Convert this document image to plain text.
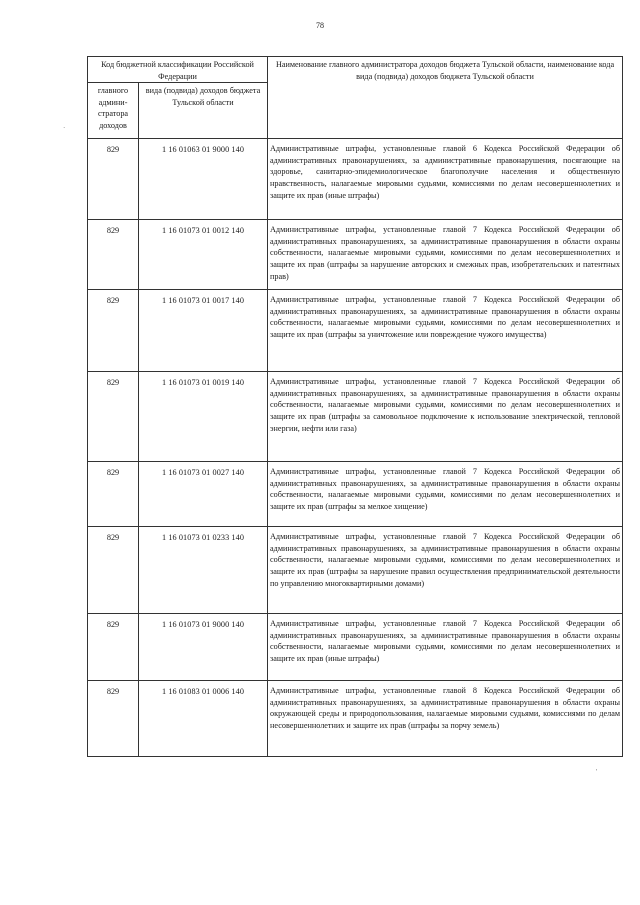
78
·
'
Код бюджетной классификации Российской Федерации		Наименование главного администратора доходов бюджета Тульской области, наименование кода вида (подвида) доходов бюджета Тульской области
главного админи-стратора доходов	вида (подвида) доходов бюджета Тульской области	
829	1 16 01063 01 9000 140	Административные штрафы, установленные главой 6 Кодекса Российской Федерации об административных правонарушениях, за административные правонарушения, посягающие на здоровье, санитарно-эпидемиологическое благополучие населения и общественную нравственность, налагаемые мировыми судьями, комиссиями по делам несовершеннолетних и защите их прав (иные штрафы)
829	1 16 01073 01 0012 140	Административные штрафы, установленные главой 7 Кодекса Российской Федерации об административных правонарушениях, за административные правонарушения в области охраны собственности, налагаемые мировыми судьями, комиссиями по делам несовершеннолетних и защите их прав (штрафы за нарушение авторских и смежных прав, изобретательских и патентных прав)
829	1 16 01073 01 0017 140	Административные штрафы, установленные главой 7 Кодекса Российской Федерации об административных правонарушениях, за административные правонарушения в области охраны собственности, налагаемые мировыми судьями, комиссиями по делам несовершеннолетних и защите их прав (штрафы за уничтожение или повреждение чужого имущества)
829	1 16 01073 01 0019 140	Административные штрафы, установленные главой 7 Кодекса Российской Федерации об административных правонарушениях, за административные правонарушения в области охраны собственности, налагаемые мировыми судьями, комиссиями по делам несовершеннолетних и защите их прав (штрафы за самовольное подключение к использование электрической, тепловой энергии, нефти или газа)
829	1 16 01073 01 0027 140	Административные штрафы, установленные главой 7 Кодекса Российской Федерации об административных правонарушениях, за административные правонарушения в области охраны собственности, налагаемые мировыми судьями, комиссиями по делам несовершеннолетних и защите их прав (штрафы за мелкое хищение)
829	1 16 01073 01 0233 140	Административные штрафы, установленные главой 7 Кодекса Российской Федерации об административных правонарушениях, за административные правонарушения в области охраны собственности, налагаемые мировыми судьями, комиссиями по делам несовершеннолетних и защите их прав (штрафы за нарушение правил осуществления предпринимательской деятельности по управлению многоквартирными домами)
829	1 16 01073 01 9000 140	Административные штрафы, установленные главой 7 Кодекса Российской Федерации об административных правонарушениях, за административные правонарушения в области охраны собственности, налагаемые мировыми судьями, комиссиями по делам несовершеннолетних и защите их прав (иные штрафы)
829	1 16 01083 01 0006 140	Административные штрафы, установленные главой 8 Кодекса Российской Федерации об административных правонарушениях, за административные правонарушения в области охраны окружающей среды и природопользования, налагаемые мировыми судьями, комиссиями по делам несовершеннолетних и защите их прав (штрафы за порчу земель)
